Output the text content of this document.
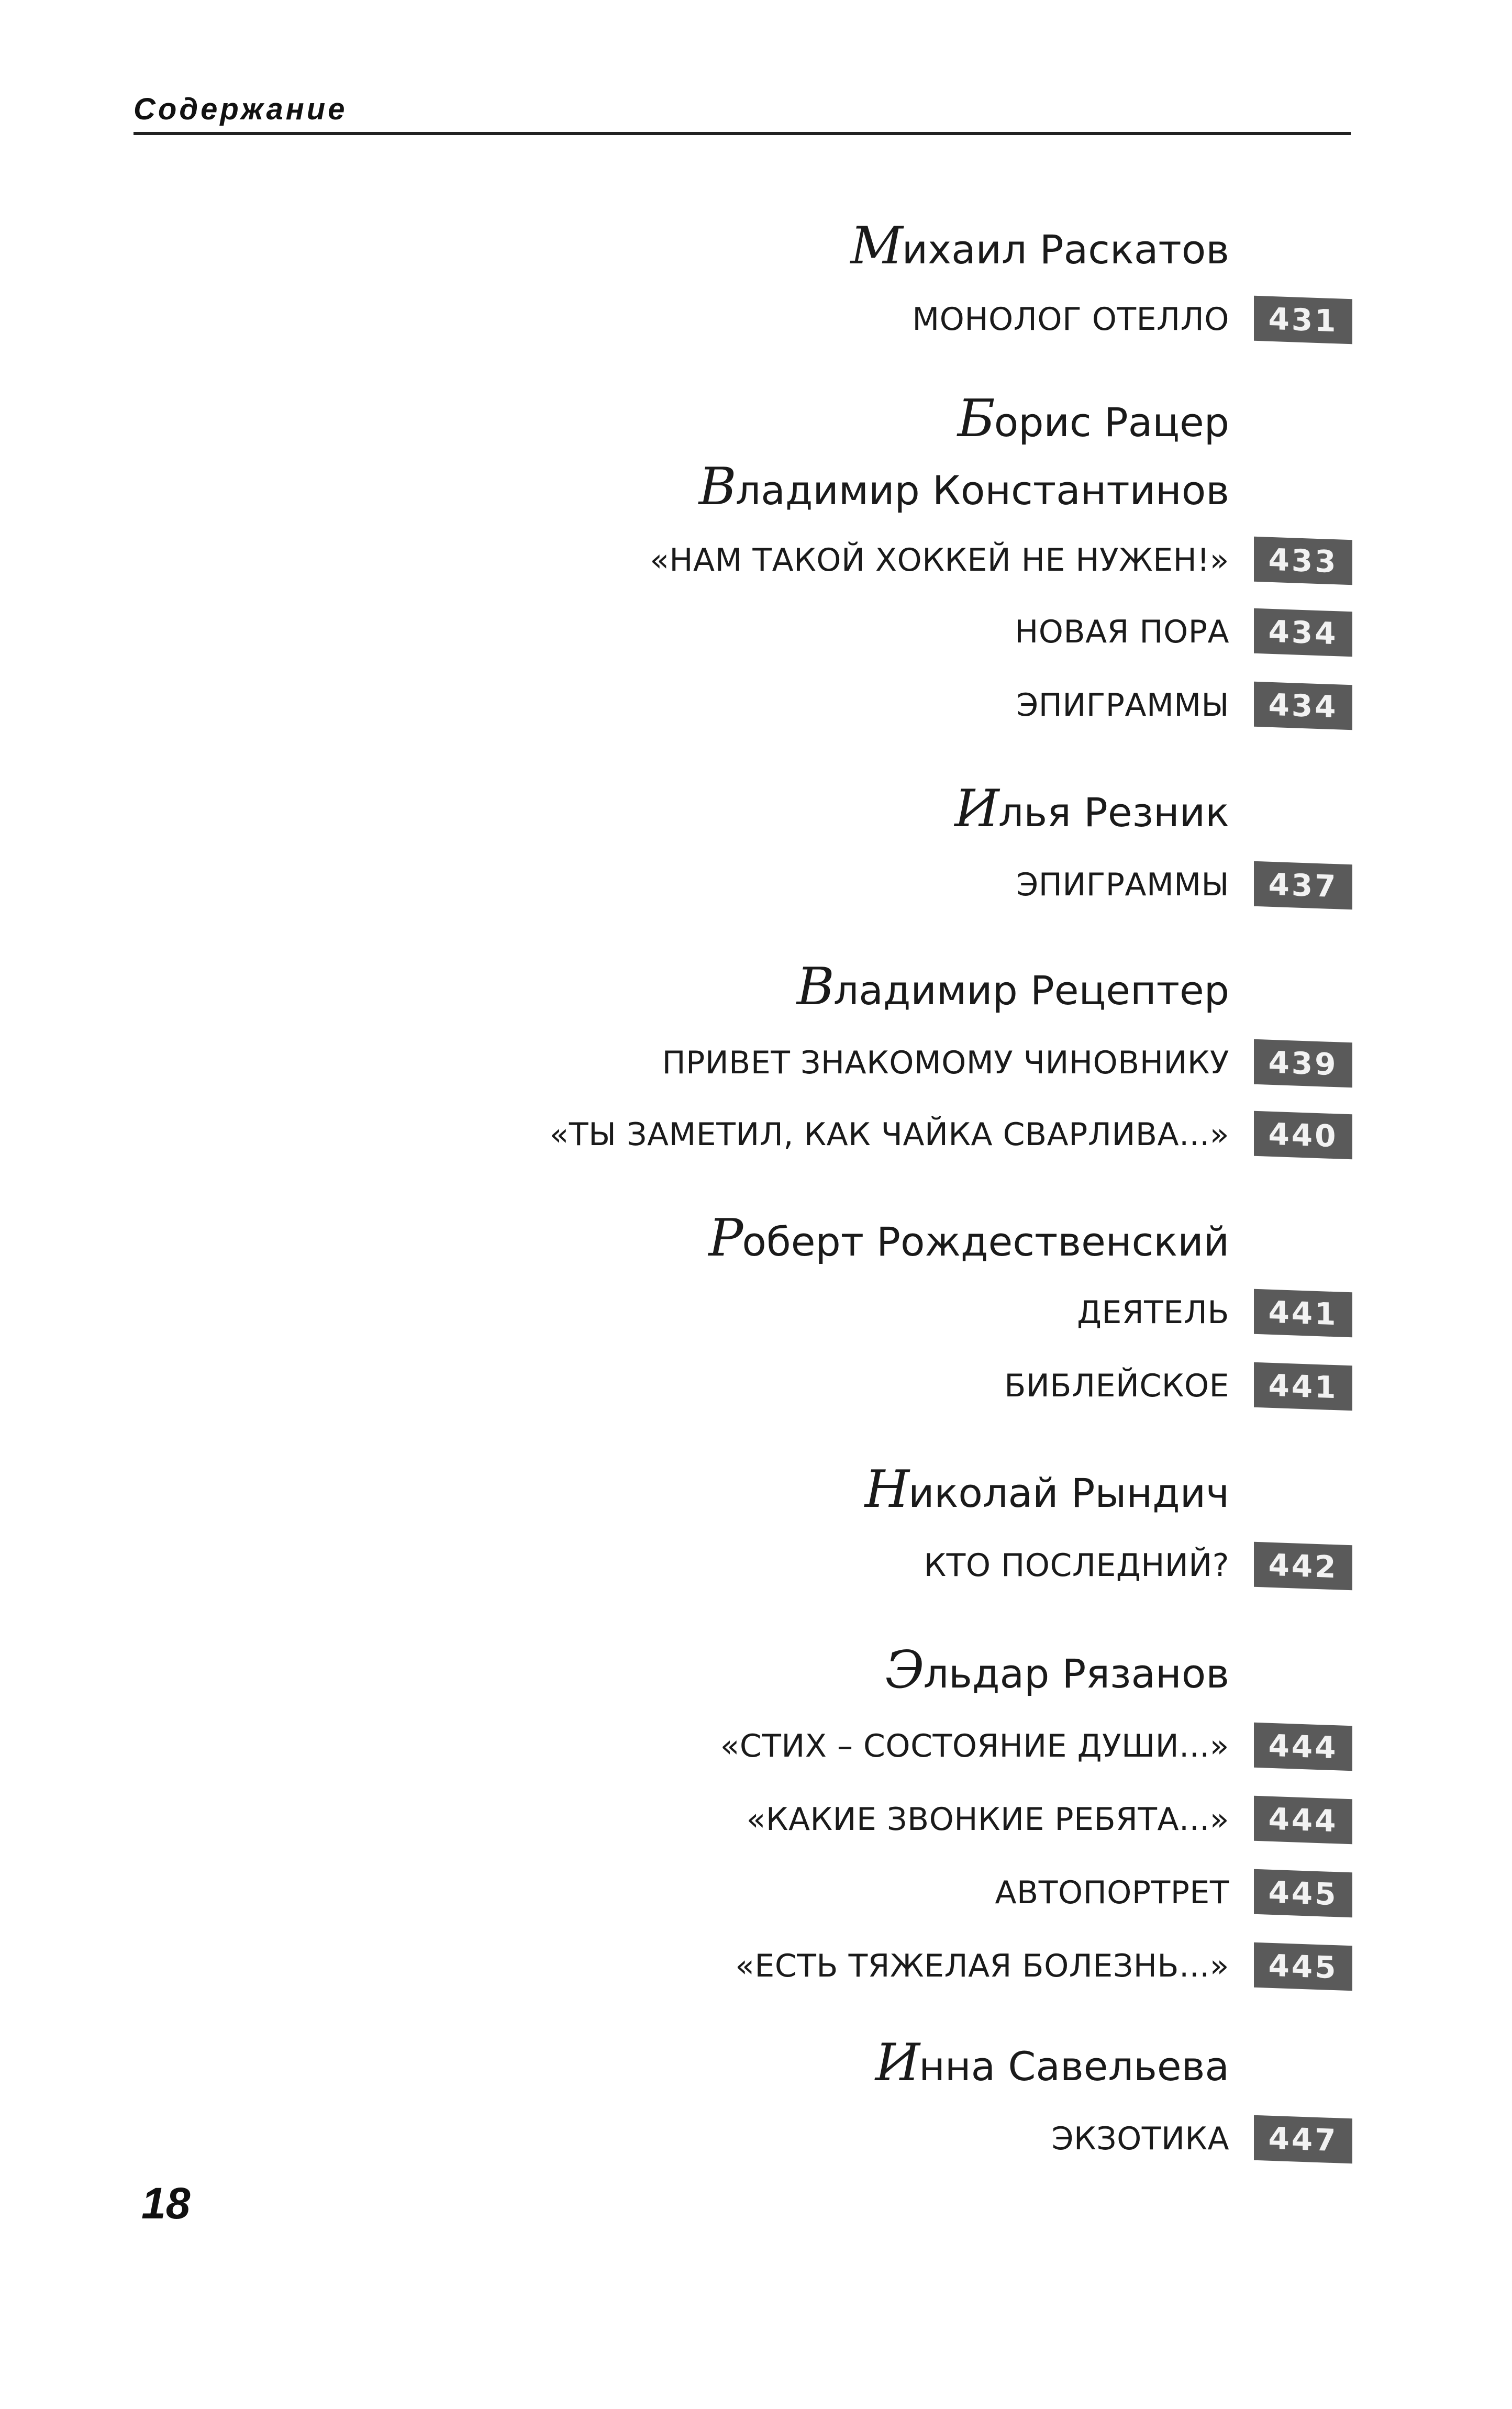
Содержание
Михаил Раскатов
МОНОЛОГ ОТЕЛЛО	431
Борис Рацер
Владимир Константинов
«НАМ ТАКОЙ ХОККЕЙ НЕ НУЖЕН!»	433
НОВАЯ ПОРА	434
ЭПИГРАММЫ	434
Илья Резник
ЭПИГРАММЫ	437
Владимир Рецептер
ПРИВЕТ ЗНАКОМОМУ ЧИНОВНИКУ	439
«ТЫ ЗАМЕТИЛ, КАК ЧАЙКА СВАРЛИВА...»	440
Роберт Рождественский
ДЕЯТЕЛЬ	441
БИБЛЕЙСКОЕ	441
Николай Рындич
КТО ПОСЛЕДНИЙ?	442
Эльдар Рязанов
«СТИХ – СОСТОЯНИЕ ДУШИ...»	444
«КАКИЕ ЗВОНКИЕ РЕБЯТА...»	444
АВТОПОРТРЕТ	445
«ЕСТЬ ТЯЖЕЛАЯ БОЛЕЗНЬ...»	445
Инна Савельева
ЭКЗОТИКА	447
18
